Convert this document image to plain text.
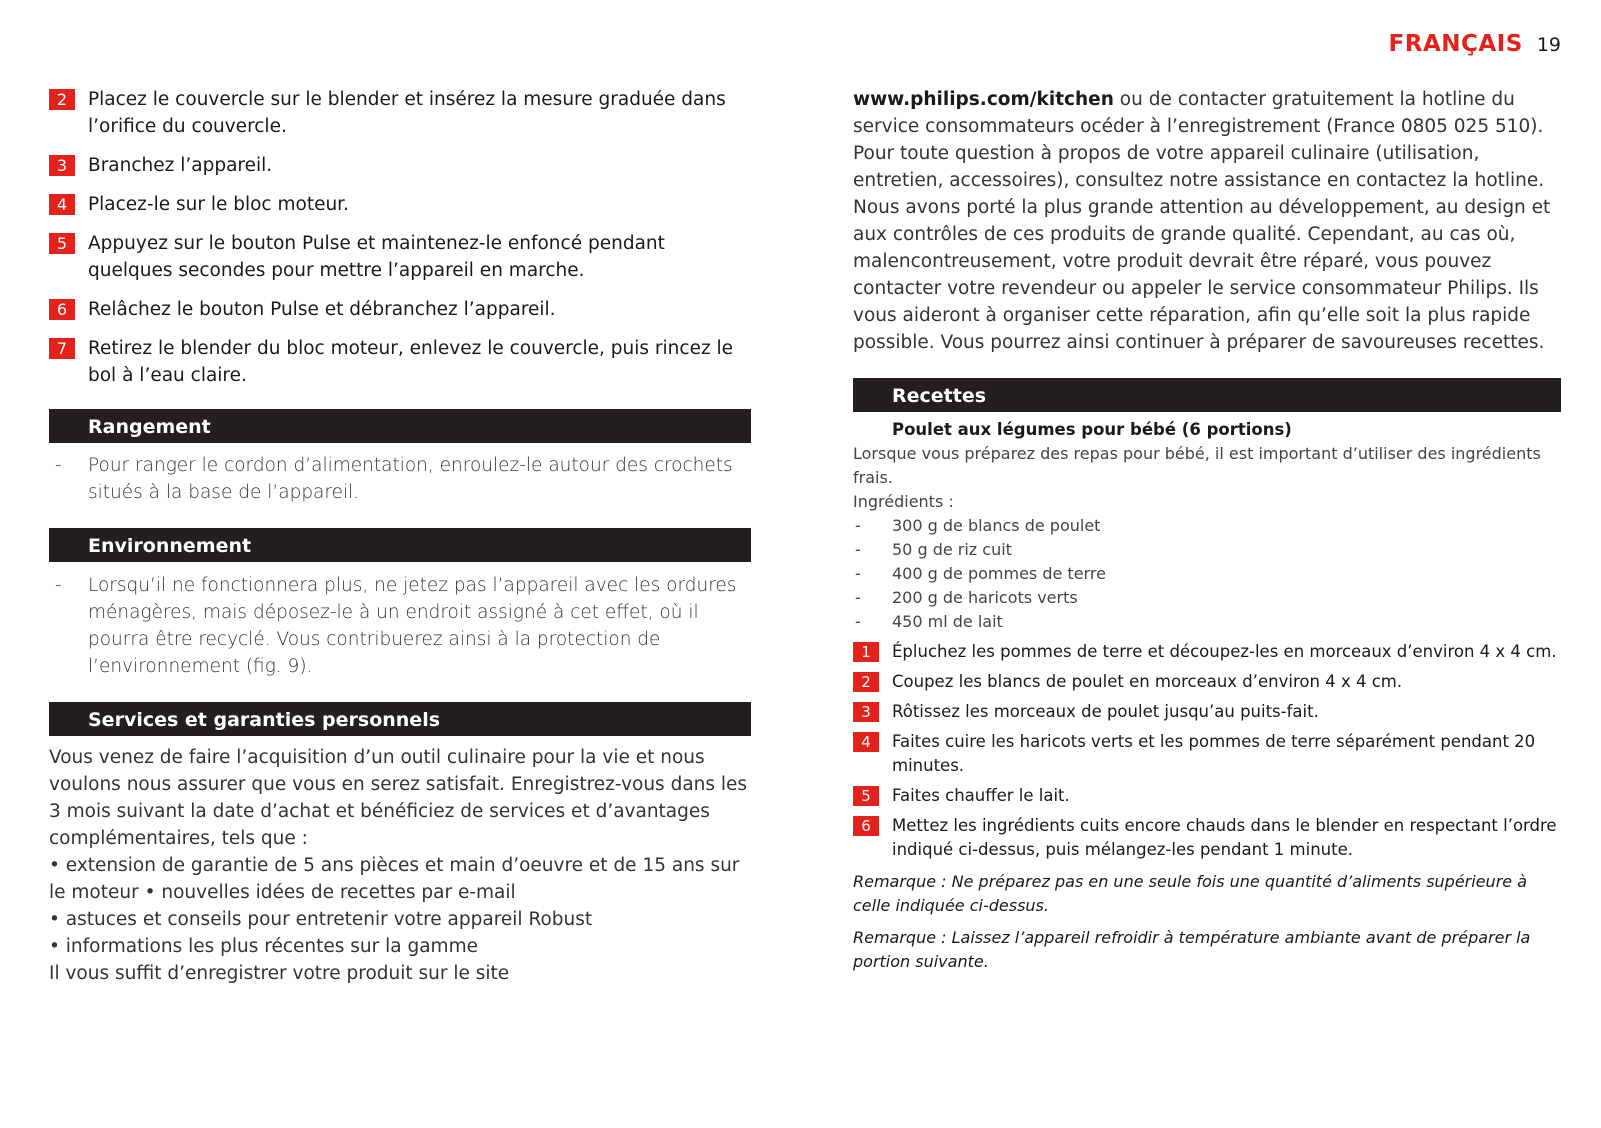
FRANÇAIS 19
2	Placez le couvercle sur le blender et insérez la mesure graduée dans l’orifice du couvercle.
3	Branchez l’appareil.
4	Placez-le sur le bloc moteur.
5	Appuyez sur le bouton Pulse et maintenez-le enfoncé pendant quelques secondes pour mettre l’appareil en marche.
6	Relâchez le bouton Pulse et débranchez l’appareil.
7	Retirez le blender du bloc moteur, enlevez le couvercle, puis rincez le bol à l’eau claire.
Rangement
- Pour ranger le cordon d’alimentation, enroulez-le autour des crochets situés à la base de l’appareil.
Environnement
- Lorsqu’il ne fonctionnera plus, ne jetez pas l’appareil avec les ordures ménagères, mais déposez-le à un endroit assigné à cet effet, où il pourra être recyclé. Vous contribuerez ainsi à la protection de l’environnement (fig. 9).
Services et garanties personnels
Vous venez de faire l’acquisition d’un outil culinaire pour la vie et nous voulons nous assurer que vous en serez satisfait. Enregistrez-vous dans les 3 mois suivant la date d’achat et bénéficiez de services et d’avantages complémentaires, tels que :
• extension de garantie de 5 ans pièces et main d’oeuvre et de 15 ans sur le moteur • nouvelles idées de recettes par e-mail
• astuces et conseils pour entretenir votre appareil Robust
• informations les plus récentes sur la gamme
Il vous suffit d’enregistrer votre produit sur le site
www.philips.com/kitchen ou de contacter gratuitement la hotline du service consommateurs océder à l’enregistrement (France 0805 025 510). Pour toute question à propos de votre appareil culinaire (utilisation, entretien, accessoires), consultez notre assistance en contactez la hotline. Nous avons porté la plus grande attention au développement, au design et aux contrôles de ces produits de grande qualité. Cependant, au cas où, malencontreusement, votre produit devrait être réparé, vous pouvez contacter votre revendeur ou appeler le service consommateur Philips. Ils vous aideront à organiser cette réparation, afin qu’elle soit la plus rapide possible. Vous pourrez ainsi continuer à préparer de savoureuses recettes.
Recettes
Poulet aux légumes pour bébé (6 portions)
Lorsque vous préparez des repas pour bébé, il est important d’utiliser des ingrédients frais.
Ingrédients :
- 300 g de blancs de poulet
- 50 g de riz cuit
- 400 g de pommes de terre
- 200 g de haricots verts
- 450 ml de lait
1	Épluchez les pommes de terre et découpez-les en morceaux d’environ 4 x 4 cm.
2	Coupez les blancs de poulet en morceaux d’environ 4 x 4 cm.
3	Rôtissez les morceaux de poulet jusqu’au puits-fait.
4	Faites cuire les haricots verts et les pommes de terre séparément pendant 20 minutes.
5	Faites chauffer le lait.
6	Mettez les ingrédients cuits encore chauds dans le blender en respectant l’ordre indiqué ci-dessus, puis mélangez-les pendant 1 minute.
Remarque : Ne préparez pas en une seule fois une quantité d’aliments supérieure à celle indiquée ci-dessus.
Remarque : Laissez l’appareil refroidir à température ambiante avant de préparer la portion suivante.
